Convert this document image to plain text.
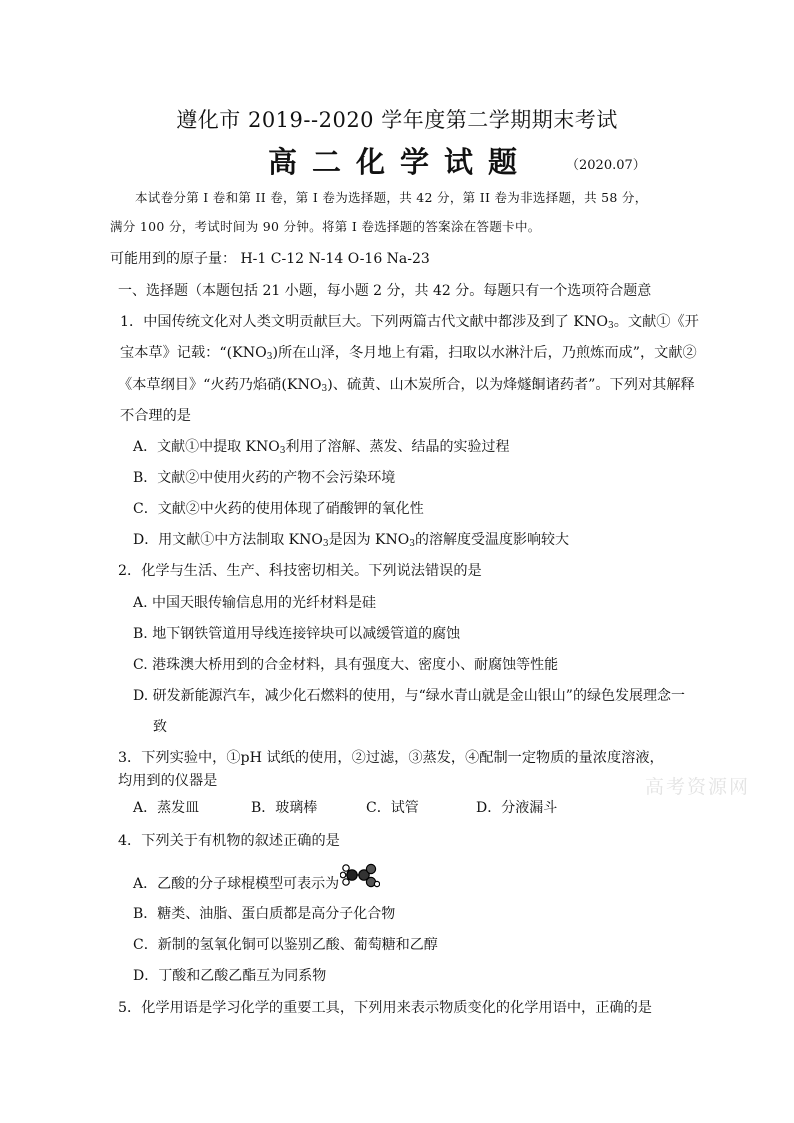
遵化市 2019--2020 学年度第二学期期末考试
高二化学试题	（2020.07）
本试卷分第 I 卷和第 II 卷，第 I 卷为选择题，共 42 分，第 II 卷为非选择题，共 58 分，
满分 100 分，考试时间为 90 分钟。将第 I 卷选择题的答案涂在答题卡中。
可能用到的原子量： H-1 C-12 N-14 O-16 Na-23
一、选择题（本题包括 21 小题，每小题 2 分，共 42 分。每题只有一个选项符合题意
1．中国传统文化对人类文明贡献巨大。下列两篇古代文献中都涉及到了 $KNO_3$。文献①《开
宝本草》记载：“$(KNO_3)$所在山泽，冬月地上有霜，扫取以水淋汁后，乃煎炼而成”，文献②
《本草纲目》“火药乃焰硝$(KNO_3)$、硫黄、山木炭所合，以为烽燧餇诸药者”。下列对其解释
不合理的是
A．文献①中提取 $KNO_3$利用了溶解、蒸发、结晶的实验过程
B．文献②中使用火药的产物不会污染环境
C．文献②中火药的使用体现了硝酸钾的氧化性
D．用文献①中方法制取 $KNO_3$是因为 $KNO_3$的溶解度受温度影响较大
2．化学与生活、生产、科技密切相关。下列说法错误的是
A. 中国天眼传输信息用的光纤材料是硅
B. 地下钢铁管道用导线连接锌块可以减缓管道的腐蚀
C. 港珠澳大桥用到的合金材料，具有强度大、密度小、耐腐蚀等性能
D. 研发新能源汽车，减少化石燃料的使用，与“绿水青山就是金山银山”的绿色发展理念一
致
3．下列实验中，①pH 试纸的使用，②过滤，③蒸发，④配制一定物质的量浓度溶液，
均用到的仪器是	高考资源网
A．蒸发皿	B．玻璃棒	C．试管	D．分液漏斗
4．下列关于有机物的叙述正确的是
A．乙酸的分子球棍模型可表示为
B．糖类、油脂、蛋白质都是高分子化合物
C．新制的氢氧化铜可以鉴别乙酸、葡萄糖和乙醇
D．丁酸和乙酸乙酯互为同系物
5．化学用语是学习化学的重要工具，下列用来表示物质变化的化学用语中，正确的是
